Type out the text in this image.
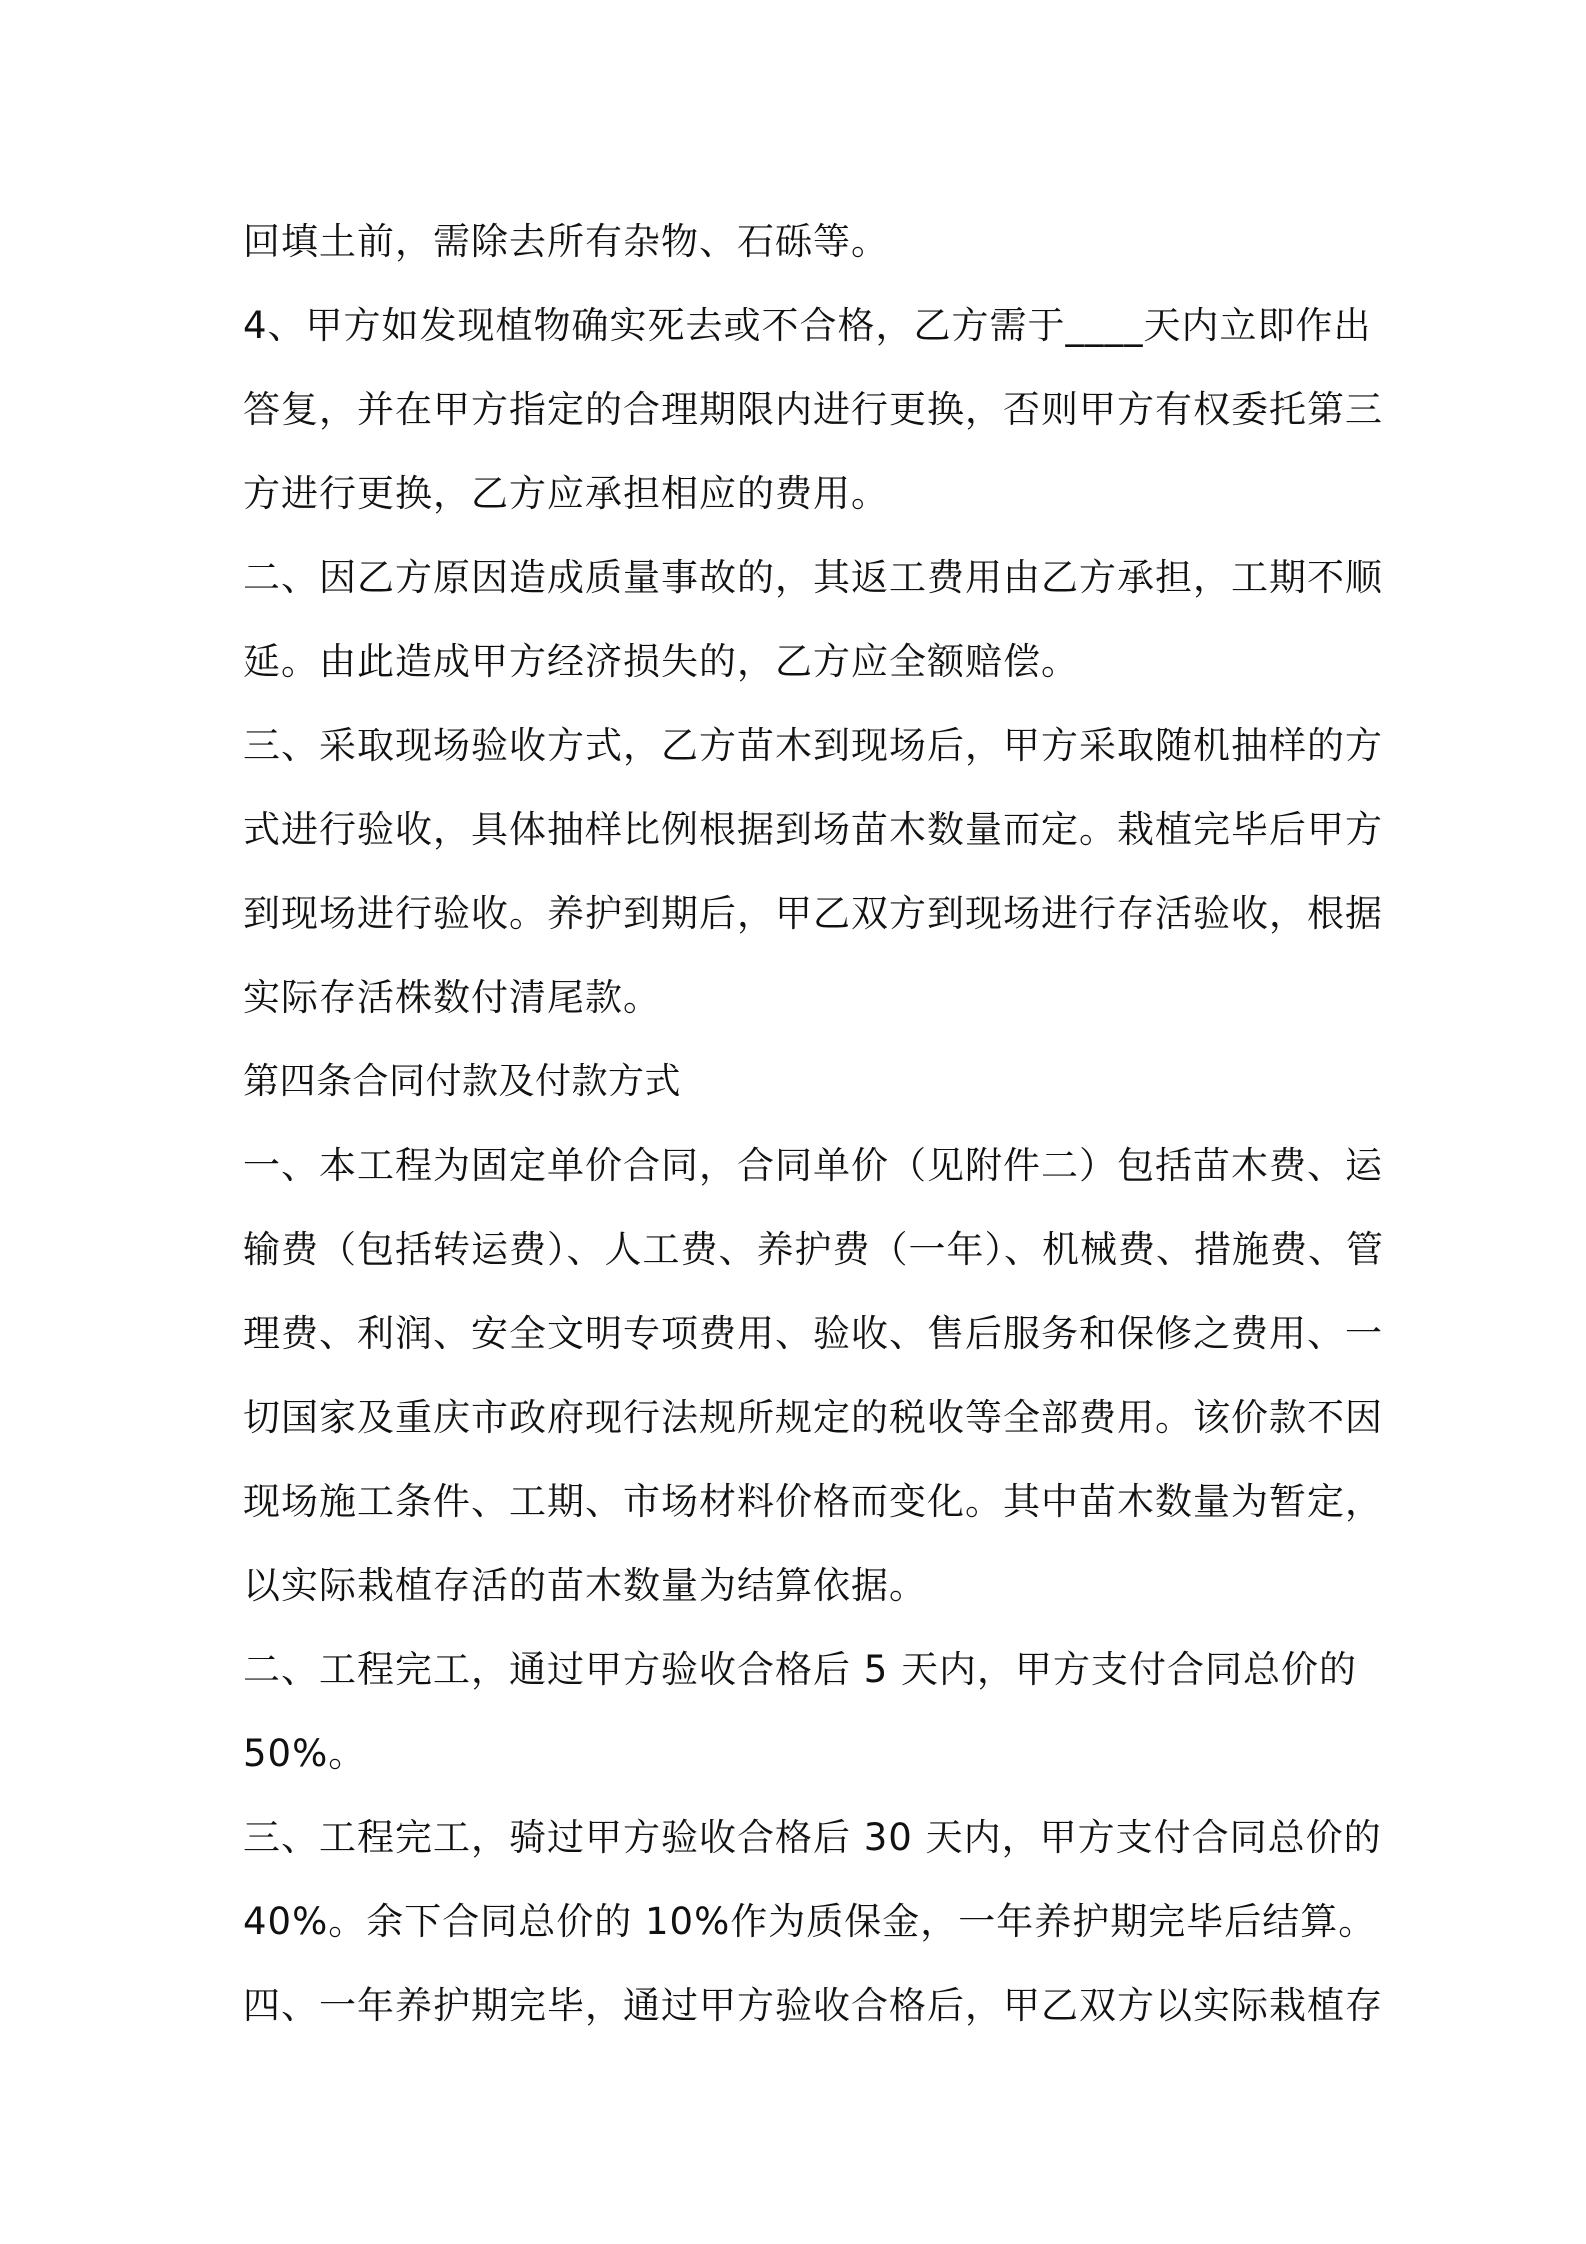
回填土前，需除去所有杂物、石砾等。

4、甲方如发现植物确实死去或不合格，乙方需于____天内立即作出

答复，并在甲方指定的合理期限内进行更换，否则甲方有权委托第三

方进行更换，乙方应承担相应的费用。

二、因乙方原因造成质量事故的，其返工费用由乙方承担，工期不顺

延。由此造成甲方经济损失的，乙方应全额赔偿。

三、采取现场验收方式，乙方苗木到现场后，甲方采取随机抽样的方

式进行验收，具体抽样比例根据到场苗木数量而定。栽植完毕后甲方

到现场进行验收。养护到期后，甲乙双方到现场进行存活验收，根据

实际存活株数付清尾款。

第四条合同付款及付款方式

一、本工程为固定单价合同，合同单价（见附件二）包括苗木费、运

输费（包括转运费）、人工费、养护费（一年）、机械费、措施费、管

理费、利润、安全文明专项费用、验收、售后服务和保修之费用、一

切国家及重庆市政府现行法规所规定的税收等全部费用。该价款不因

现场施工条件、工期、市场材料价格而变化。其中苗木数量为暂定，

以实际栽植存活的苗木数量为结算依据。

二、工程完工，通过甲方验收合格后 5 天内，甲方支付合同总价的

50%。

三、工程完工，骑过甲方验收合格后 30 天内，甲方支付合同总价的

40%。余下合同总价的 10%作为质保金，一年养护期完毕后结算。

四、一年养护期完毕，通过甲方验收合格后，甲乙双方以实际栽植存
